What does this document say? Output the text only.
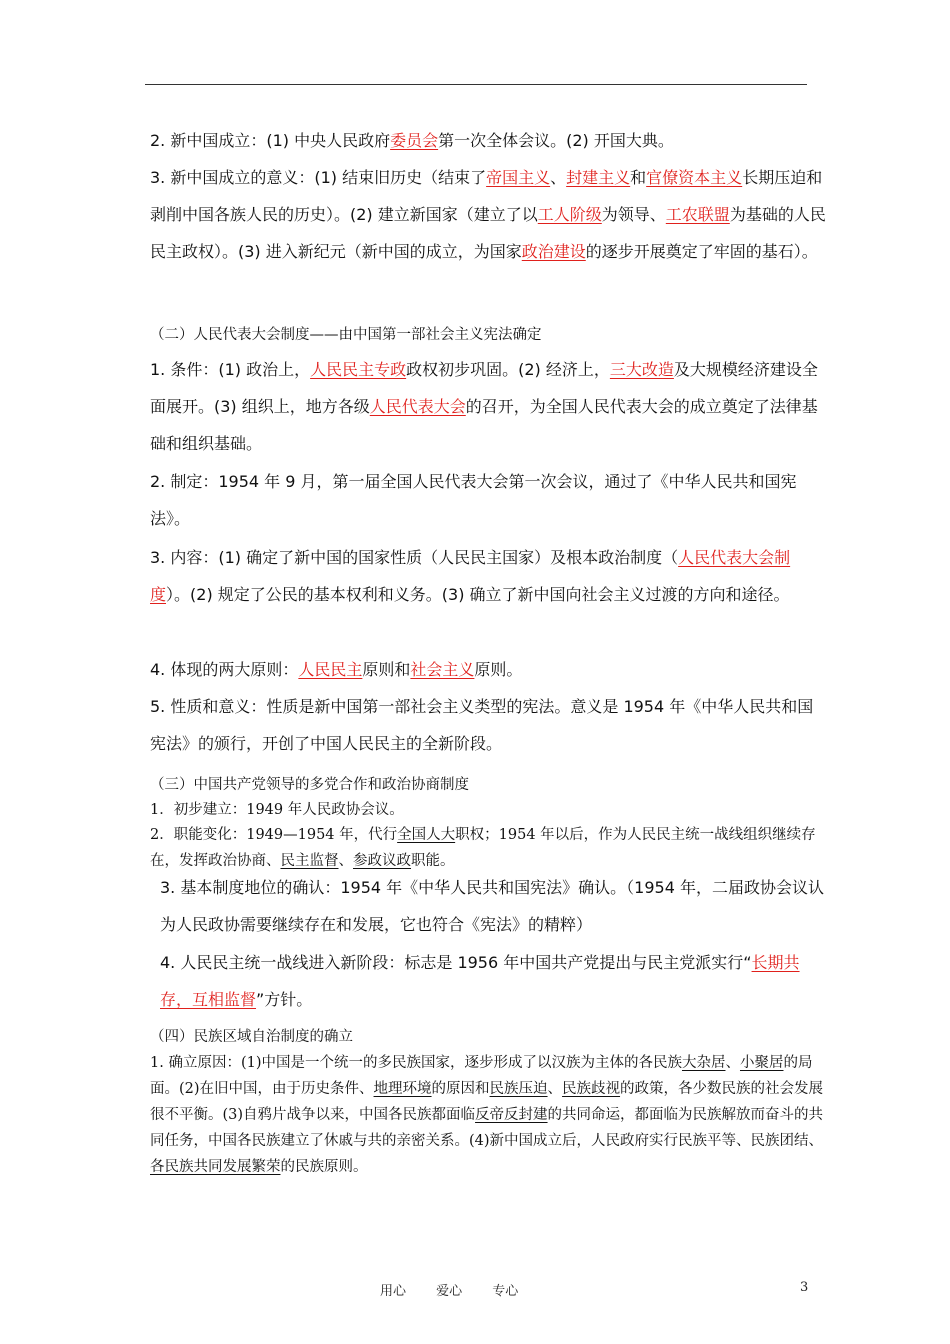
2. 新中国成立：(1) 中央人民政府委员会第一次全体会议。(2) 开国大典。

3. 新中国成立的意义：(1) 结束旧历史（结束了帝国主义、封建主义和官僚资本主义长期压迫和剥削中国各族人民的历史）。(2) 建立新国家（建立了以工人阶级为领导、工农联盟为基础的人民民主政权）。(3) 进入新纪元（新中国的成立，为国家政治建设的逐步开展奠定了牢固的基石）。

（二）人民代表大会制度——由中国第一部社会主义宪法确定

1. 条件：(1) 政治上，人民民主专政政权初步巩固。(2) 经济上，三大改造及大规模经济建设全面展开。(3) 组织上，地方各级人民代表大会的召开，为全国人民代表大会的成立奠定了法律基础和组织基础。

2. 制定：1954 年 9 月，第一届全国人民代表大会第一次会议，通过了《中华人民共和国宪法》。

3. 内容：(1) 确定了新中国的国家性质（人民民主国家）及根本政治制度（人民代表大会制度）。(2) 规定了公民的基本权利和义务。(3) 确立了新中国向社会主义过渡的方向和途径。

4. 体现的两大原则：人民民主原则和社会主义原则。

5. 性质和意义：性质是新中国第一部社会主义类型的宪法。意义是 1954 年《中华人民共和国宪法》的颁行，开创了中国人民民主的全新阶段。

（三）中国共产党领导的多党合作和政治协商制度

1．初步建立：1949 年人民政协会议。

2．职能变化：1949—1954 年，代行全国人大职权；1954 年以后，作为人民民主统一战线组织继续存在，发挥政治协商、民主监督、参政议政职能。

3. 基本制度地位的确认：1954 年《中华人民共和国宪法》确认。（1954 年，二届政协会议认为人民政协需要继续存在和发展，它也符合《宪法》的精粹）

4. 人民民主统一战线进入新阶段：标志是 1956 年中国共产党提出与民主党派实行“长期共存，互相监督”方针。

（四）民族区域自治制度的确立

1. 确立原因：(1)中国是一个统一的多民族国家，逐步形成了以汉族为主体的各民族大杂居、小聚居的局面。(2)在旧中国，由于历史条件、地理环境的原因和民族压迫、民族歧视的政策，各少数民族的社会发展很不平衡。(3)自鸦片战争以来，中国各民族都面临反帝反封建的共同命运，都面临为民族解放而奋斗的共同任务，中国各民族建立了休戚与共的亲密关系。(4)新中国成立后，人民政府实行民族平等、民族团结、各民族共同发展繁荣的民族原则。

用心 爱心 专心	3
